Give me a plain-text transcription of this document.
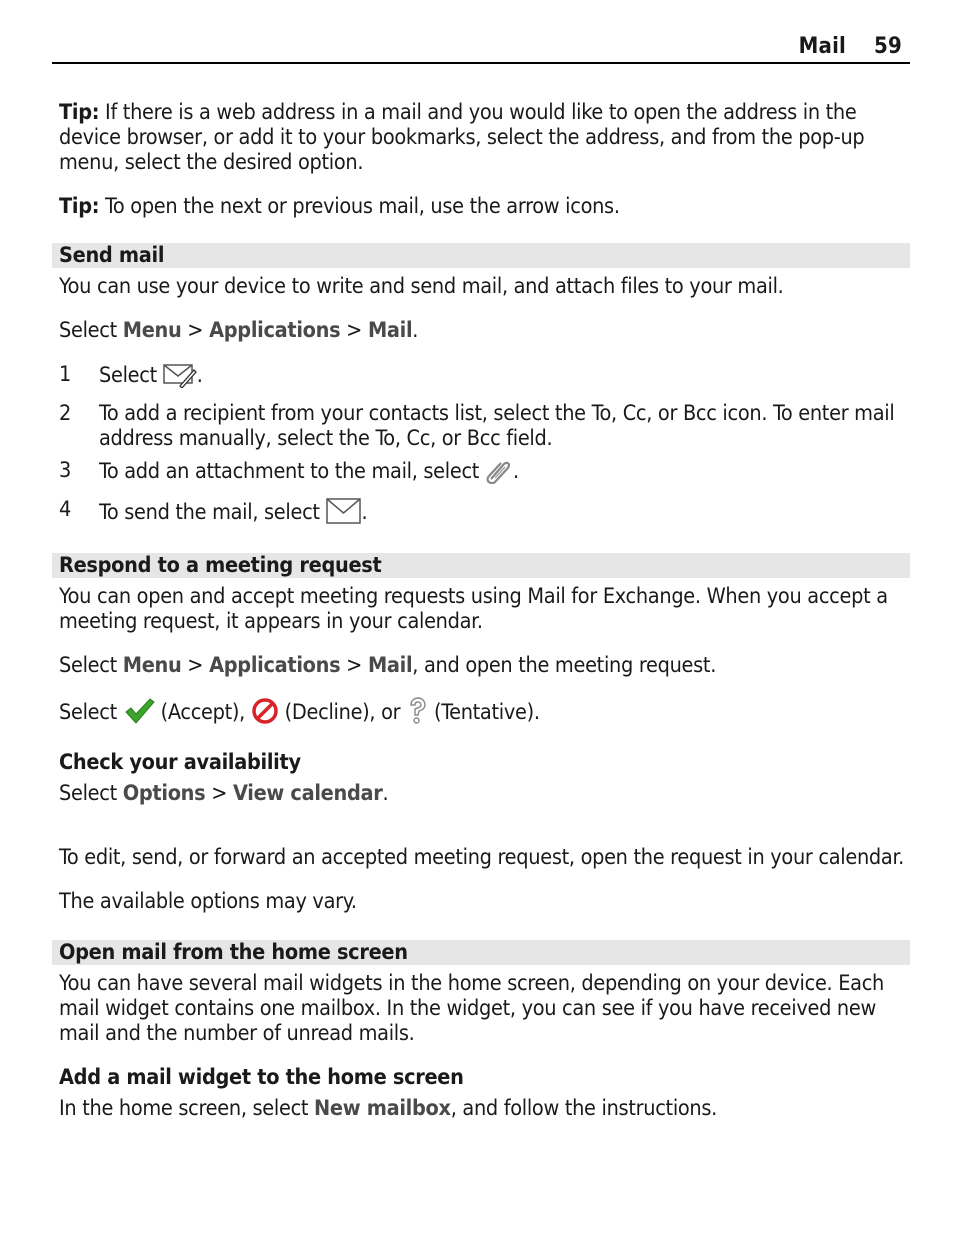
Mail 59

Tip: If there is a web address in a mail and you would like to open the address in the device browser, or add it to your bookmarks, select the address, and from the pop-up menu, select the desired option.

Tip: To open the next or previous mail, use the arrow icons.

Send mail

You can use your device to write and send mail, and attach files to your mail.

Select Menu > Applications > Mail.

1 Select .
2 To add a recipient from your contacts list, select the To, Cc, or Bcc icon. To enter mail address manually, select the To, Cc, or Bcc field.
3 To add an attachment to the mail, select .
4 To send the mail, select .
Respond to a meeting request

You can open and accept meeting requests using Mail for Exchange. When you accept a meeting request, it appears in your calendar.

Select Menu > Applications > Mail, and open the meeting request.

Select  (Accept),  (Decline), or  (Tentative).

Check your availability

Select Options > View calendar.

To edit, send, or forward an accepted meeting request, open the request in your calendar.

The available options may vary.

Open mail from the home screen

You can have several mail widgets in the home screen, depending on your device. Each mail widget contains one mailbox. In the widget, you can see if you have received new mail and the number of unread mails.

Add a mail widget to the home screen

In the home screen, select New mailbox, and follow the instructions.
